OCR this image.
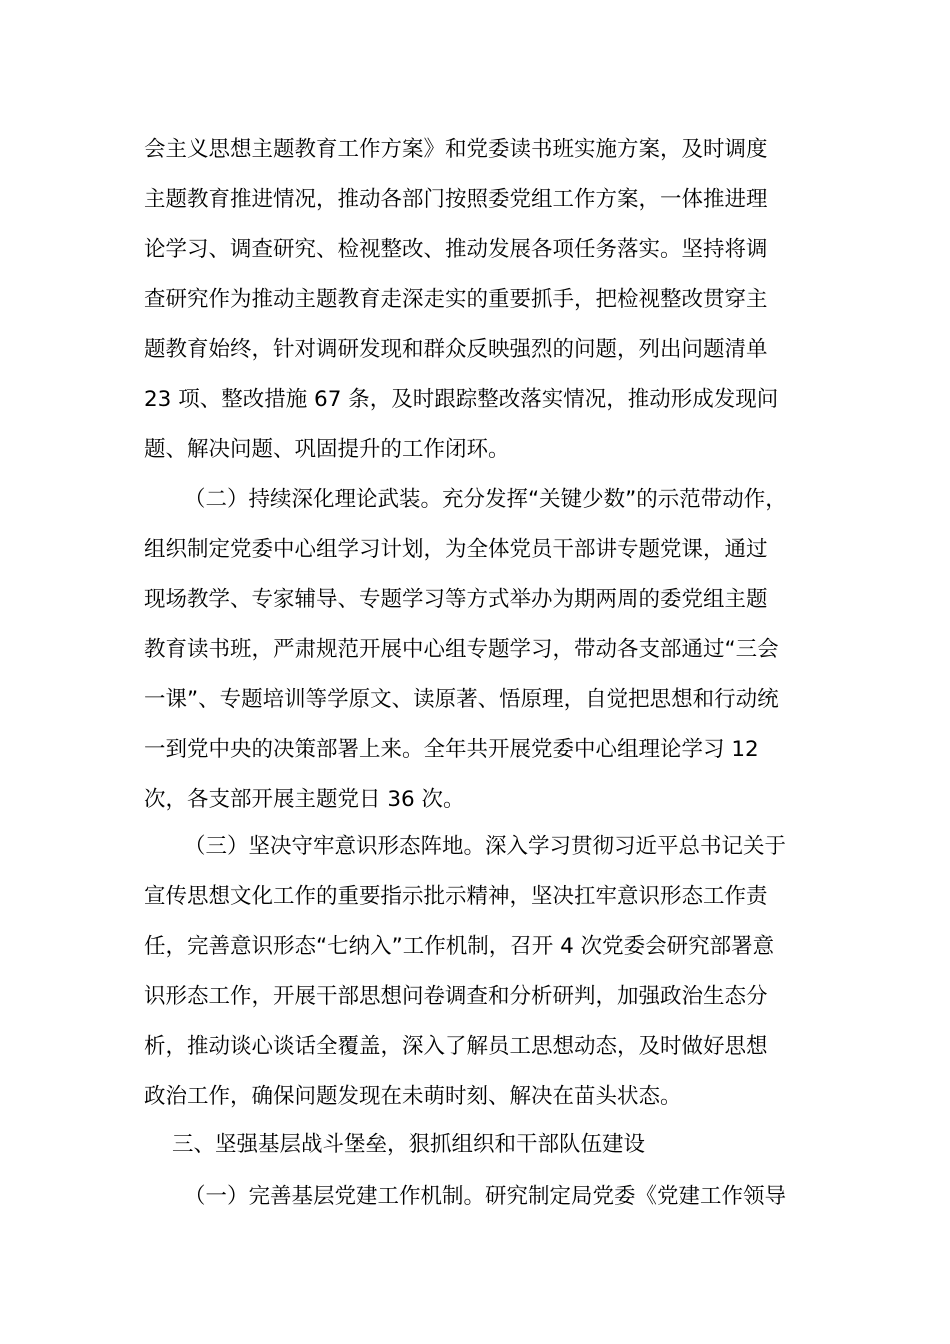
会主义思想主题教育工作方案》和党委读书班实施方案，及时调度
主题教育推进情况，推动各部门按照委党组工作方案，一体推进理
论学习、调查研究、检视整改、推动发展各项任务落实。坚持将调
查研究作为推动主题教育走深走实的重要抓手，把检视整改贯穿主
题教育始终，针对调研发现和群众反映强烈的问题，列出问题清单
23 项、整改措施 67 条，及时跟踪整改落实情况，推动形成发现问
题、解决问题、巩固提升的工作闭环。
（二）持续深化理论武装。充分发挥“关键少数”的示范带动作，
组织制定党委中心组学习计划，为全体党员干部讲专题党课，通过
现场教学、专家辅导、专题学习等方式举办为期两周的委党组主题
教育读书班，严肃规范开展中心组专题学习，带动各支部通过“三会
一课”、专题培训等学原文、读原著、悟原理，自觉把思想和行动统
一到党中央的决策部署上来。全年共开展党委中心组理论学习 12
次，各支部开展主题党日 36 次。
（三）坚决守牢意识形态阵地。深入学习贯彻习近平总书记关于
宣传思想文化工作的重要指示批示精神，坚决扛牢意识形态工作责
任，完善意识形态“七纳入”工作机制，召开 4 次党委会研究部署意
识形态工作，开展干部思想问卷调查和分析研判，加强政治生态分
析，推动谈心谈话全覆盖，深入了解员工思想动态，及时做好思想
政治工作，确保问题发现在未萌时刻、解决在苗头状态。
三、坚强基层战斗堡垒，狠抓组织和干部队伍建设
（一）完善基层党建工作机制。研究制定局党委《党建工作领导
